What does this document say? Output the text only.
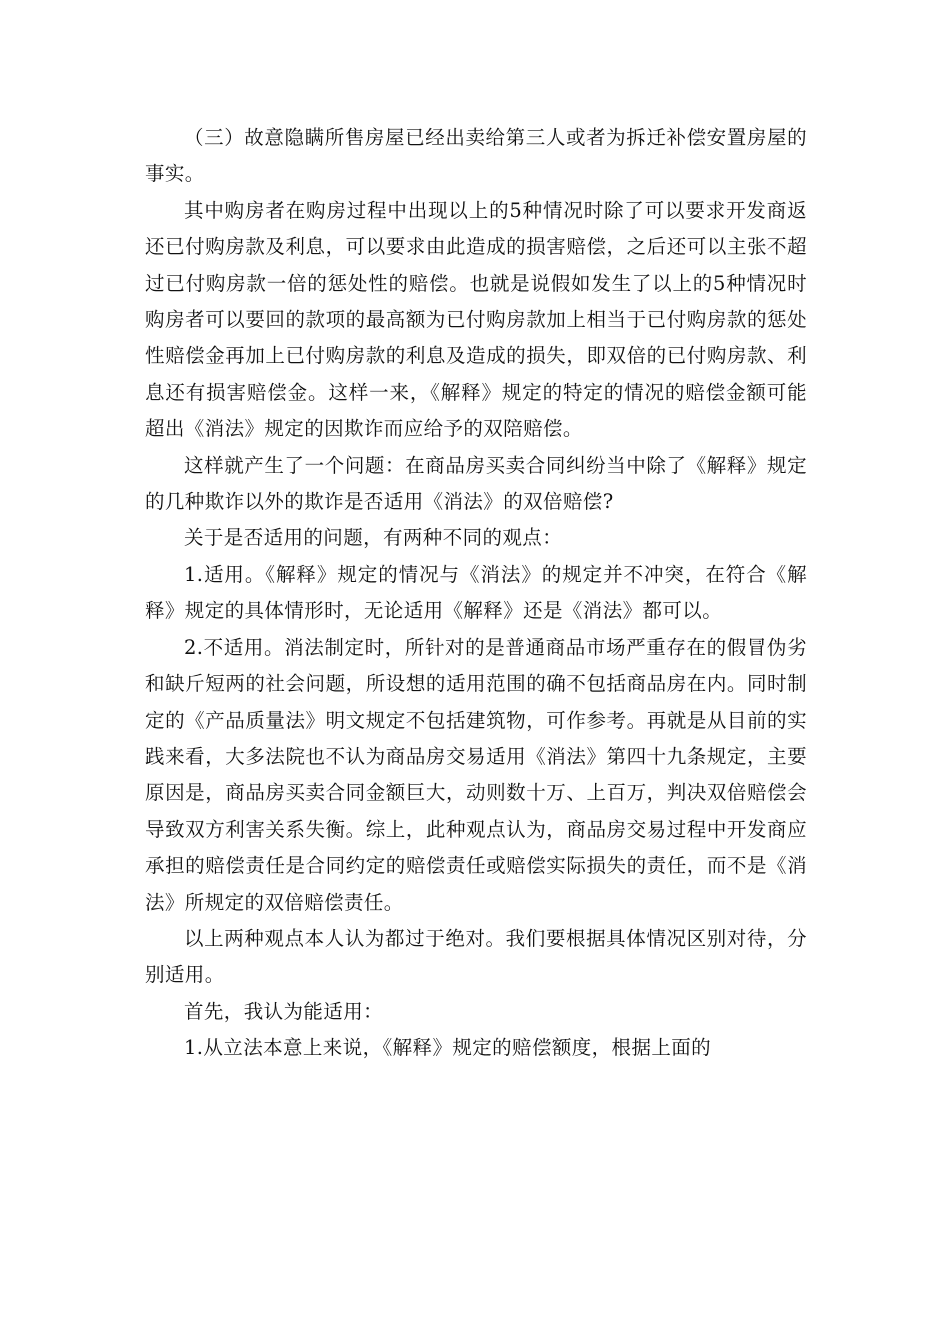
（三）故意隐瞒所售房屋已经出卖给第三人或者为拆迁补偿安置房屋的事实。

其中购房者在购房过程中出现以上的5种情况时除了可以要求开发商返还已付购房款及利息，可以要求由此造成的损害赔偿，之后还可以主张不超过已付购房款一倍的惩处性的赔偿。也就是说假如发生了以上的5种情况时购房者可以要回的款项的最高额为已付购房款加上相当于已付购房款的惩处性赔偿金再加上已付购房款的利息及造成的损失，即双倍的已付购房款、利息还有损害赔偿金。这样一来，《解释》规定的特定的情况的赔偿金额可能超出《消法》规定的因欺诈而应给予的双陪赔偿。

这样就产生了一个问题：在商品房买卖合同纠纷当中除了《解释》规定的几种欺诈以外的欺诈是否适用《消法》的双倍赔偿?

关于是否适用的问题，有两种不同的观点：

1.适用。《解释》规定的情况与《消法》的规定并不冲突，在符合《解释》规定的具体情形时，无论适用《解释》还是《消法》都可以。

2.不适用。消法制定时，所针对的是普通商品市场严重存在的假冒伪劣和缺斤短两的社会问题，所设想的适用范围的确不包括商品房在内。同时制定的《产品质量法》明文规定不包括建筑物，可作参考。再就是从目前的实践来看，大多法院也不认为商品房交易适用《消法》第四十九条规定，主要原因是，商品房买卖合同金额巨大，动则数十万、上百万，判决双倍赔偿会导致双方利害关系失衡。综上，此种观点认为，商品房交易过程中开发商应承担的赔偿责任是合同约定的赔偿责任或赔偿实际损失的责任，而不是《消法》所规定的双倍赔偿责任。

以上两种观点本人认为都过于绝对。我们要根据具体情况区别对待，分别适用。

首先，我认为能适用：

1.从立法本意上来说，《解释》规定的赔偿额度，根据上面的
